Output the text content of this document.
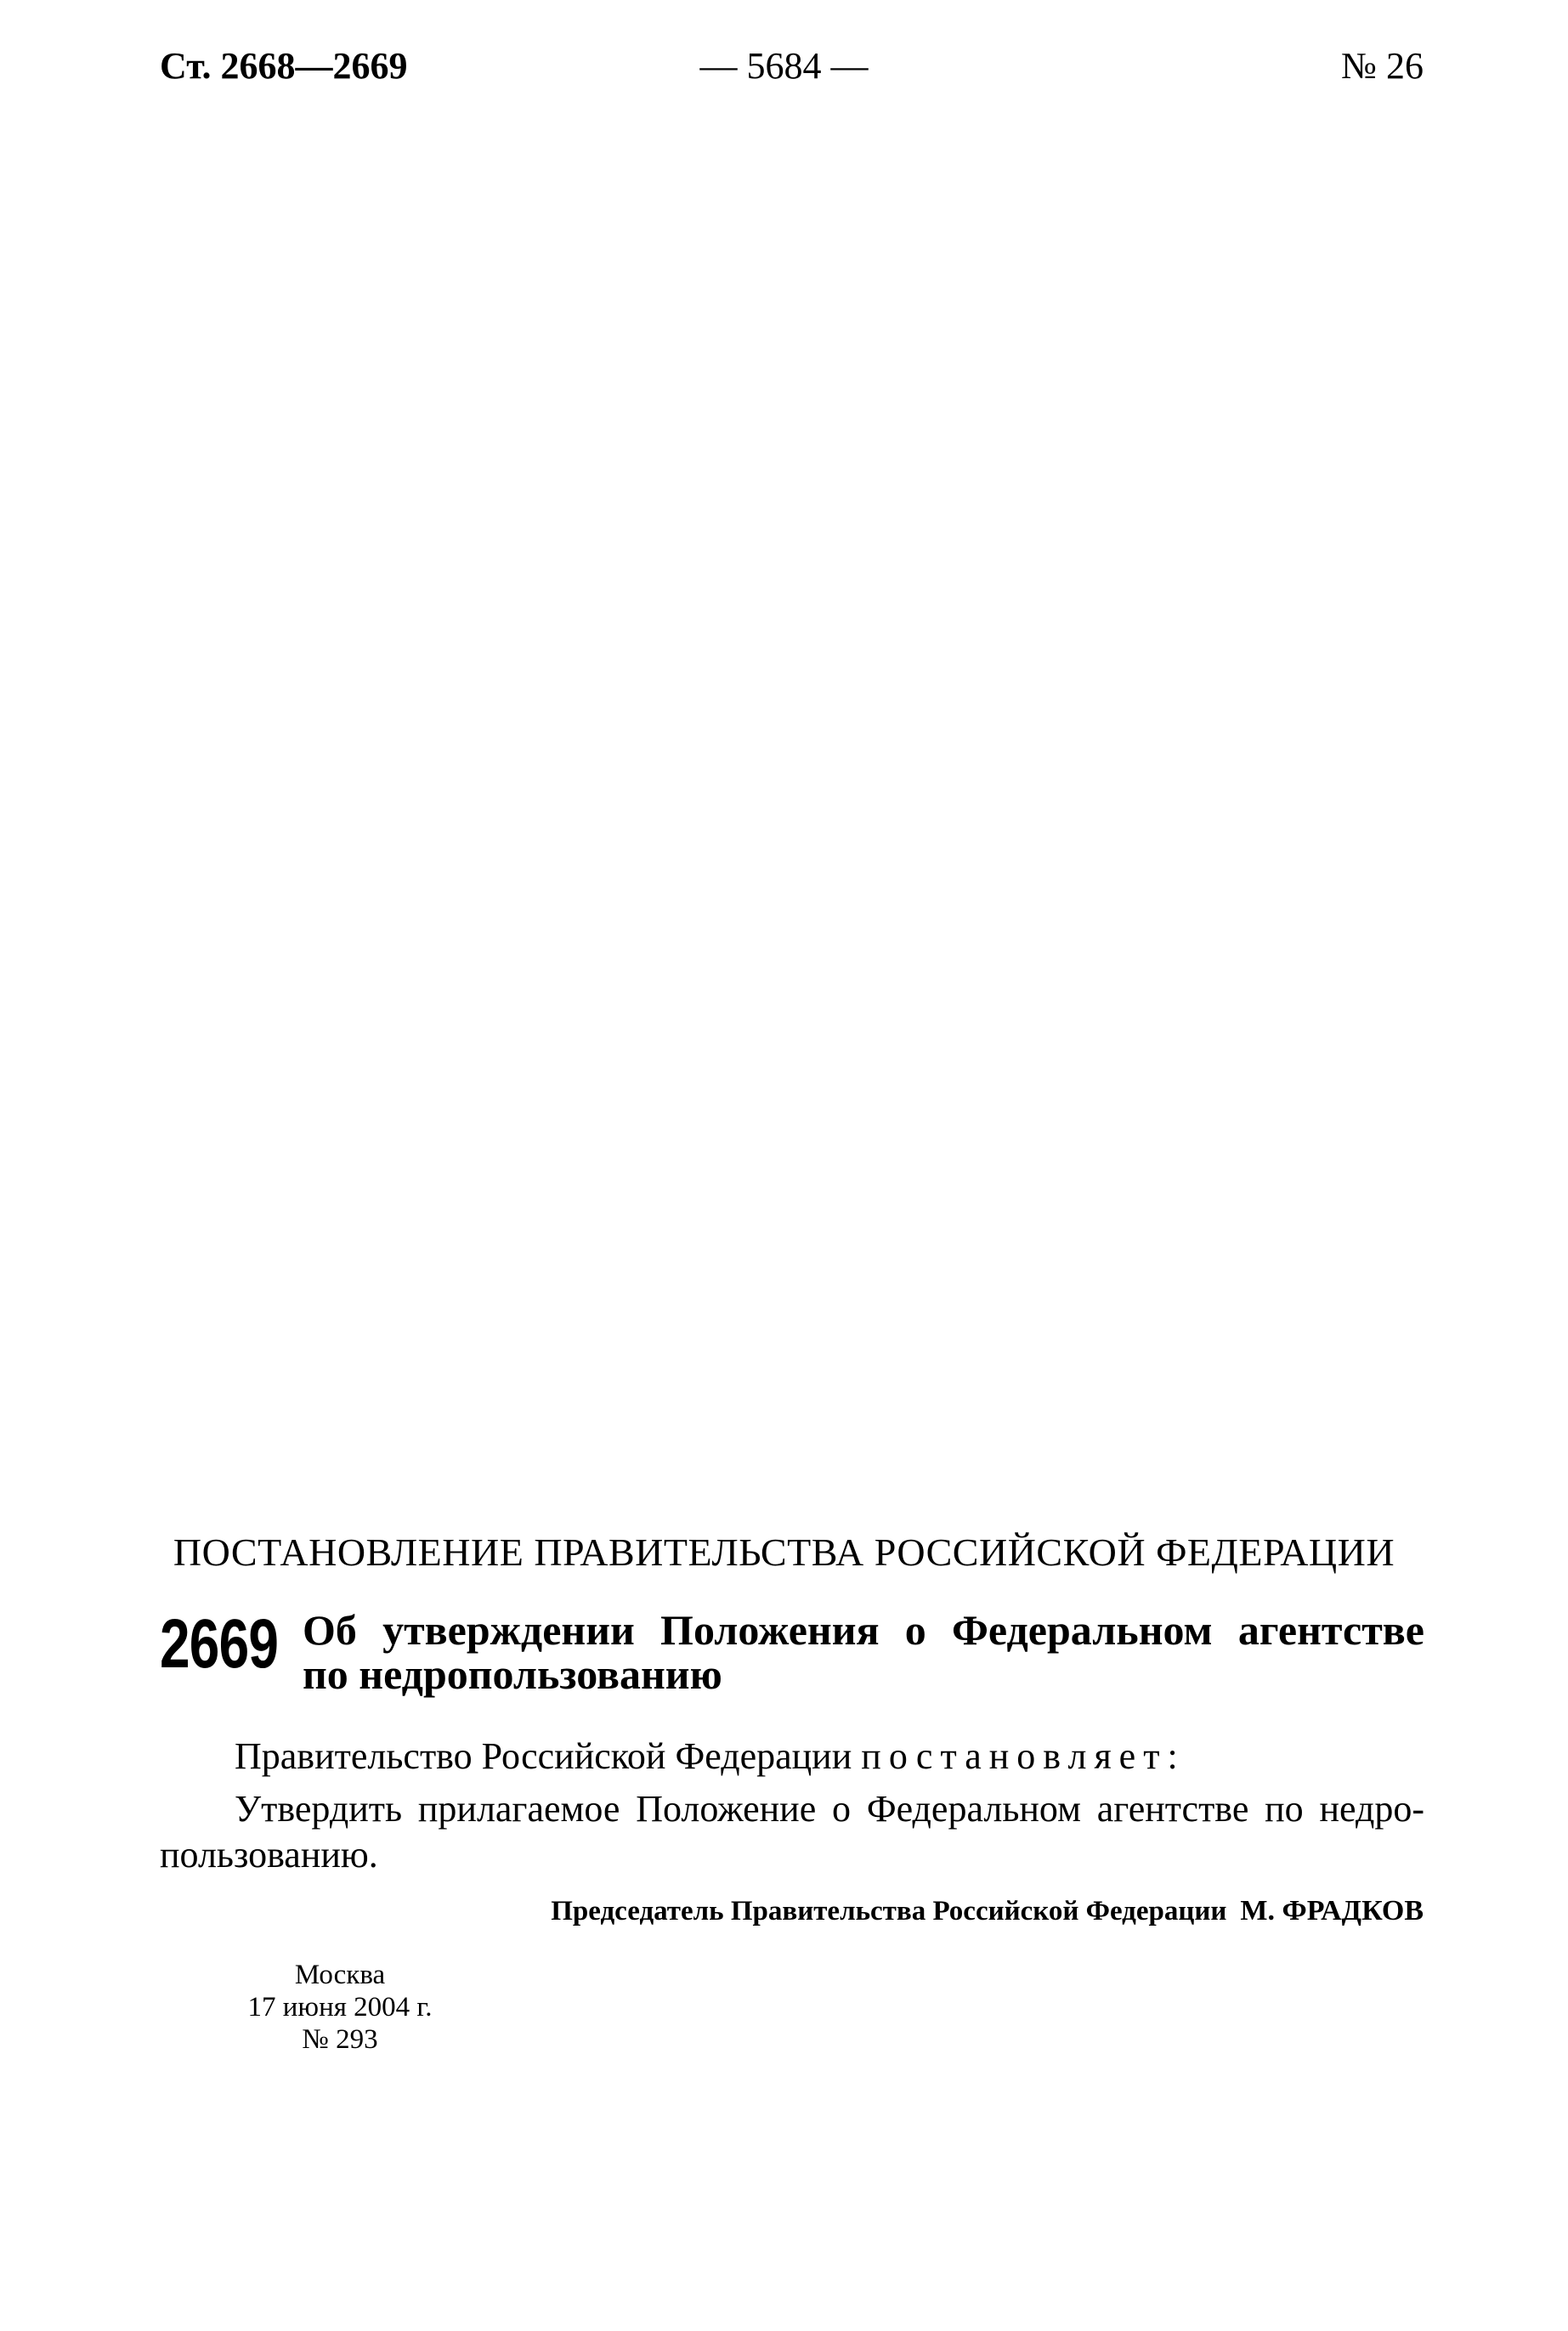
Ст. 2668—2669	— 5684 —	№ 26
ПОСТАНОВЛЕНИЕ ПРАВИТЕЛЬСТВА РОССИЙСКОЙ ФЕДЕРАЦИИ
2669 Об утверждении Положения о Федеральном агентстве
по недропользованию
Правительство Российской Федерации постановляет:
Утвердить прилагаемое Положение о Федеральном агентстве по недро-пользованию.
Председатель Правительства Российской Федерации М. ФРАДКОВ
Москва
17 июня 2004 г.
№ 293
